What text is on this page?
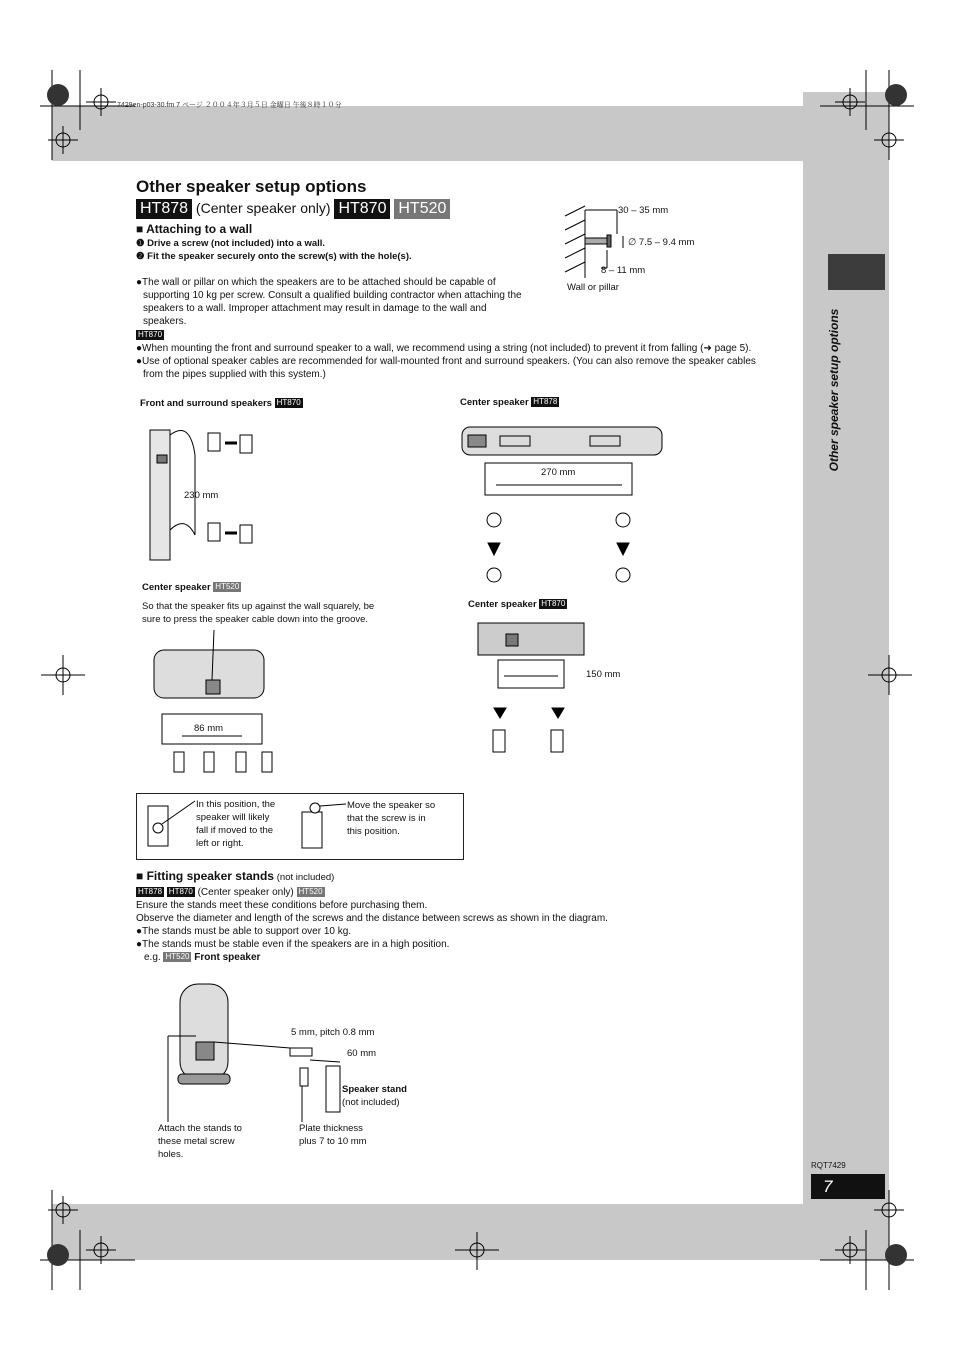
Other speaker setup options
7429en-p03-30.fm 7 ページ ２００４年３月５日 金曜日 午後８時１０分
Other speaker setup options
HT878 (Center speaker only) HT870 HT520
■ Attaching to a wall
❶ Drive a screw (not included) into a wall.
❷ Fit the speaker securely onto the screw(s) with the hole(s).
●The wall or pillar on which the speakers are to be attached should be capable of
supporting 10 kg per screw. Consult a qualified building contractor when attaching the
speakers to a wall. Improper attachment may result in damage to the wall and
speakers.
HT870
●When mounting the front and surround speaker to a wall, we recommend using a string (not included) to prevent it from falling (➜ page 5).
●Use of optional speaker cables are recommended for wall-mounted front and surround speakers. (You can also remove the speaker cables
from the pipes supplied with this system.)
30 – 35 mm
∅ 7.5 – 9.4 mm
8 – 11 mm
Wall or pillar
Front and surround speakers HT870
230 mm
Center speaker HT878
270 mm
Center speaker HT520
So that the speaker fits up against the wall squarely, be
sure to press the speaker cable down into the groove.
86 mm
Center speaker HT870
150 mm
In this position, the
speaker will likely
fall if moved to the
left or right.
Move the speaker so
that the screw is in
this position.
■ Fitting speaker stands (not included)
HT878 HT870 (Center speaker only) HT520
Ensure the stands meet these conditions before purchasing them.
Observe the diameter and length of the screws and the distance between screws as shown in the diagram.
●The stands must be able to support over 10 kg.
●The stands must be stable even if the speakers are in a high position.
e.g. HT520 Front speaker
5 mm, pitch 0.8 mm
60 mm
Speaker stand
(not included)
Attach the stands to
these metal screw
holes.
Plate thickness
plus 7 to 10 mm
RQT7429
7
